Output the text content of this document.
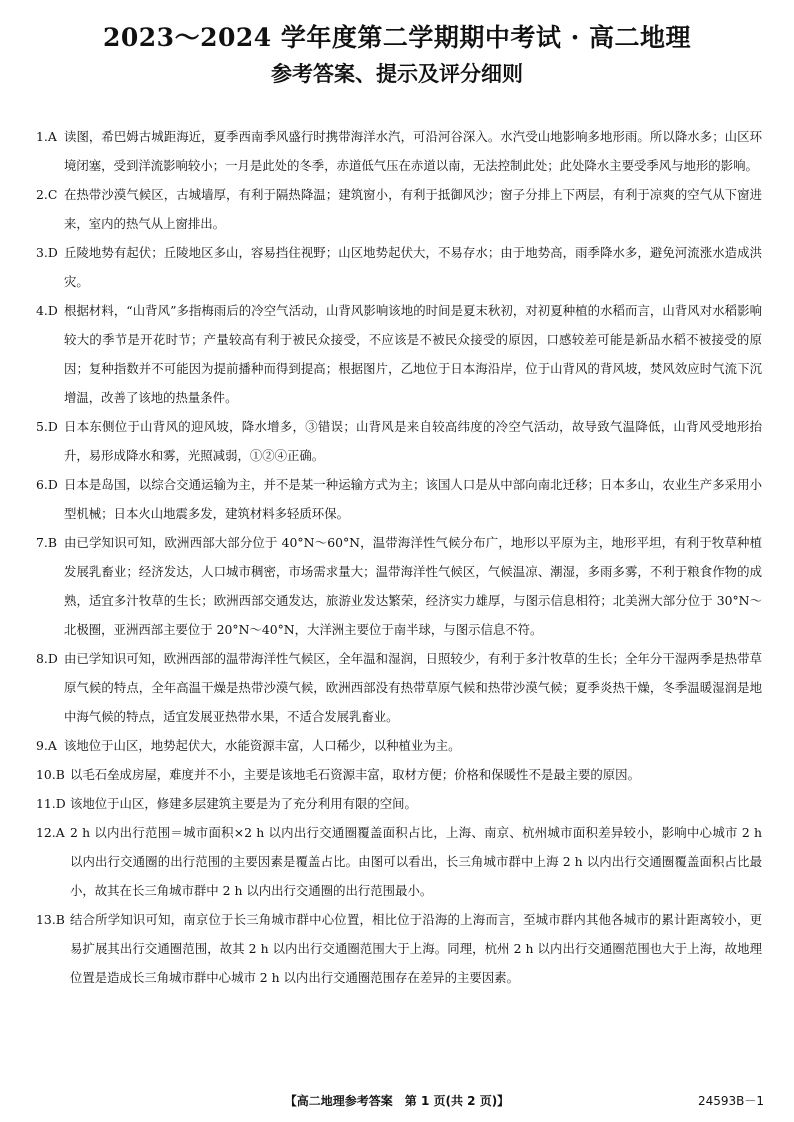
2023～2024 学年度第二学期期中考试 · 高二地理
参考答案、提示及评分细则
1.A 读图，希巴姆古城距海近，夏季西南季风盛行时携带海洋水汽，可沿河谷深入。水汽受山地影响多地形雨。所以降水多；山区环境闭塞，受到洋流影响较小；一月是此处的冬季，赤道低气压在赤道以南，无法控制此处；此处降水主要受季风与地形的影响。
2.C 在热带沙漠气候区，古城墙厚，有利于隔热降温；建筑窗小，有利于抵御风沙；窗子分排上下两层，有利于凉爽的空气从下窗进来，室内的热气从上窗排出。
3.D 丘陵地势有起伏；丘陵地区多山，容易挡住视野；山区地势起伏大，不易存水；由于地势高，雨季降水多，避免河流涨水造成洪灾。
4.D 根据材料，“山背风”多指梅雨后的冷空气活动，山背风影响该地的时间是夏末秋初，对初夏种植的水稻而言，山背风对水稻影响较大的季节是开花时节；产量较高有利于被民众接受，不应该是不被民众接受的原因，口感较差可能是新品水稻不被接受的原因；复种指数并不可能因为提前播种而得到提高；根据图片，乙地位于日本海沿岸，位于山背风的背风坡，焚风效应时气流下沉增温，改善了该地的热量条件。
5.D 日本东侧位于山背风的迎风坡，降水增多，③错误；山背风是来自较高纬度的冷空气活动，故导致气温降低，山背风受地形抬升，易形成降水和雾，光照减弱，①②④正确。
6.D 日本是岛国，以综合交通运输为主，并不是某一种运输方式为主；该国人口是从中部向南北迁移；日本多山，农业生产多采用小型机械；日本火山地震多发，建筑材料多轻质环保。
7.B 由已学知识可知，欧洲西部大部分位于 40°N～60°N，温带海洋性气候分布广，地形以平原为主，地形平坦，有利于牧草种植发展乳畜业；经济发达，人口城市稠密，市场需求量大；温带海洋性气候区，气候温凉、潮湿，多雨多雾，不利于粮食作物的成熟，适宜多汁牧草的生长；欧洲西部交通发达，旅游业发达繁荣，经济实力雄厚，与图示信息相符；北美洲大部分位于 30°N～北极圈，亚洲西部主要位于 20°N～40°N，大洋洲主要位于南半球，与图示信息不符。
8.D 由已学知识可知，欧洲西部的温带海洋性气候区，全年温和湿润，日照较少，有利于多汁牧草的生长；全年分干湿两季是热带草原气候的特点，全年高温干燥是热带沙漠气候，欧洲西部没有热带草原气候和热带沙漠气候；夏季炎热干燥，冬季温暖湿润是地中海气候的特点，适宜发展亚热带水果，不适合发展乳畜业。
9.A 该地位于山区，地势起伏大，水能资源丰富，人口稀少，以种植业为主。
10.B 以毛石垒成房屋，难度并不小，主要是该地毛石资源丰富，取材方便；价格和保暖性不是最主要的原因。
11.D 该地位于山区，修建多层建筑主要是为了充分利用有限的空间。
12.A 2 h 以内出行范围＝城市面积×2 h 以内出行交通圈覆盖面积占比，上海、南京、杭州城市面积差异较小，影响中心城市 2 h 以内出行交通圈的出行范围的主要因素是覆盖占比。由图可以看出，长三角城市群中上海 2 h 以内出行交通圈覆盖面积占比最小，故其在长三角城市群中 2 h 以内出行交通圈的出行范围最小。
13.B 结合所学知识可知，南京位于长三角城市群中心位置，相比位于沿海的上海而言，至城市群内其他各城市的累计距离较小，更易扩展其出行交通圈范围，故其 2 h 以内出行交通圈范围大于上海。同理，杭州 2 h 以内出行交通圈范围也大于上海，故地理位置是造成长三角城市群中心城市 2 h 以内出行交通圈范围存在差异的主要因素。
【高二地理参考答案　第 1 页(共 2 页)】	24593B－1
